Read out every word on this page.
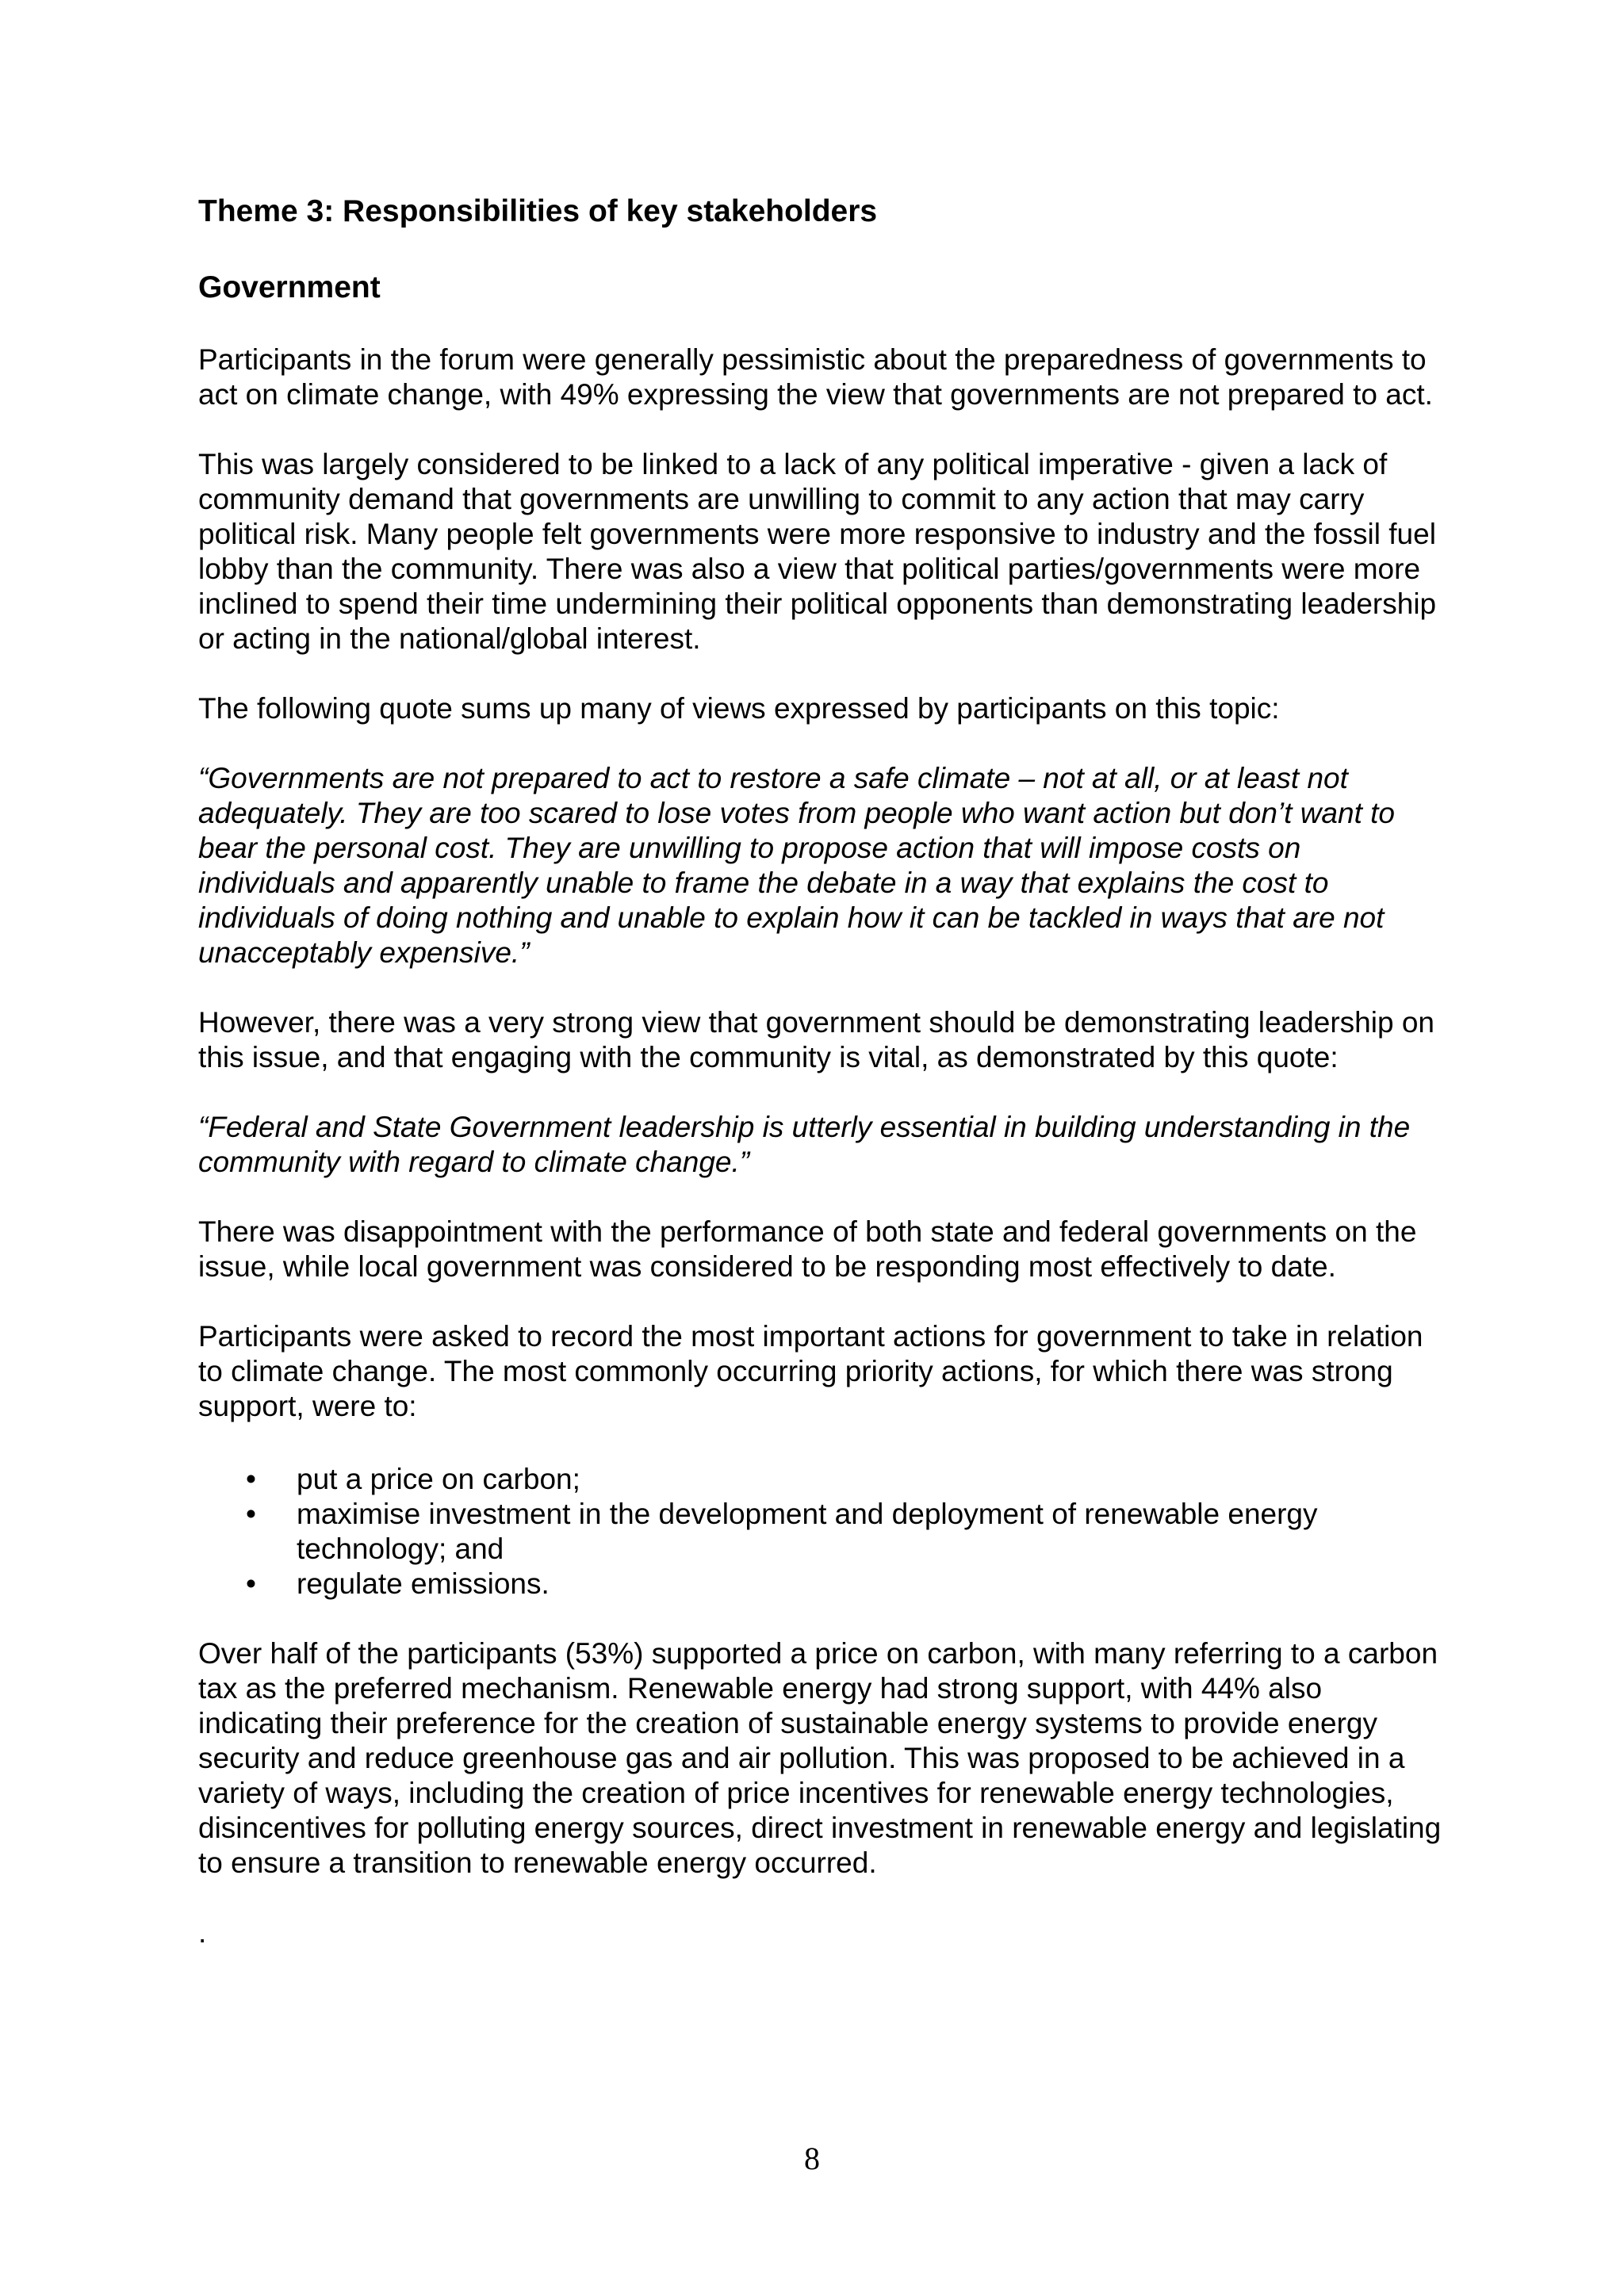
Theme 3: Responsibilities of key stakeholders
Government

Participants in the forum were generally pessimistic about the preparedness of governments to act on climate change, with 49% expressing the view that governments are not prepared to act.

This was largely considered to be linked to a lack of any political imperative - given a lack of community demand that governments are unwilling to commit to any action that may carry political risk. Many people felt governments were more responsive to industry and the fossil fuel lobby than the community. There was also a view that political parties/governments were more inclined to spend their time undermining their political opponents than demonstrating leadership or acting in the national/global interest.

The following quote sums up many of views expressed by participants on this topic:

“Governments are not prepared to act to restore a safe climate – not at all, or at least not adequately. They are too scared to lose votes from people who want action but don’t want to bear the personal cost. They are unwilling to propose action that will impose costs on individuals and apparently unable to frame the debate in a way that explains the cost to individuals of doing nothing and unable to explain how it can be tackled in ways that are not unacceptably expensive.”

However, there was a very strong view that government should be demonstrating leadership on this issue, and that engaging with the community is vital, as demonstrated by this quote:

“Federal and State Government leadership is utterly essential in building understanding in the community with regard to climate change.”

There was disappointment with the performance of both state and federal governments on the issue, while local government was considered to be responding most effectively to date.

Participants were asked to record the most important actions for government to take in relation to climate change. The most commonly occurring priority actions, for which there was strong support, were to:

• put a price on carbon;
• maximise investment in the development and deployment of renewable energy technology; and
• regulate emissions.

Over half of the participants (53%) supported a price on carbon, with many referring to a carbon tax as the preferred mechanism. Renewable energy had strong support, with 44% also indicating their preference for the creation of sustainable energy systems to provide energy security and reduce greenhouse gas and air pollution. This was proposed to be achieved in a variety of ways, including the creation of price incentives for renewable energy technologies, disincentives for polluting energy sources, direct investment in renewable energy and legislating to ensure a transition to renewable energy occurred.

.

8
